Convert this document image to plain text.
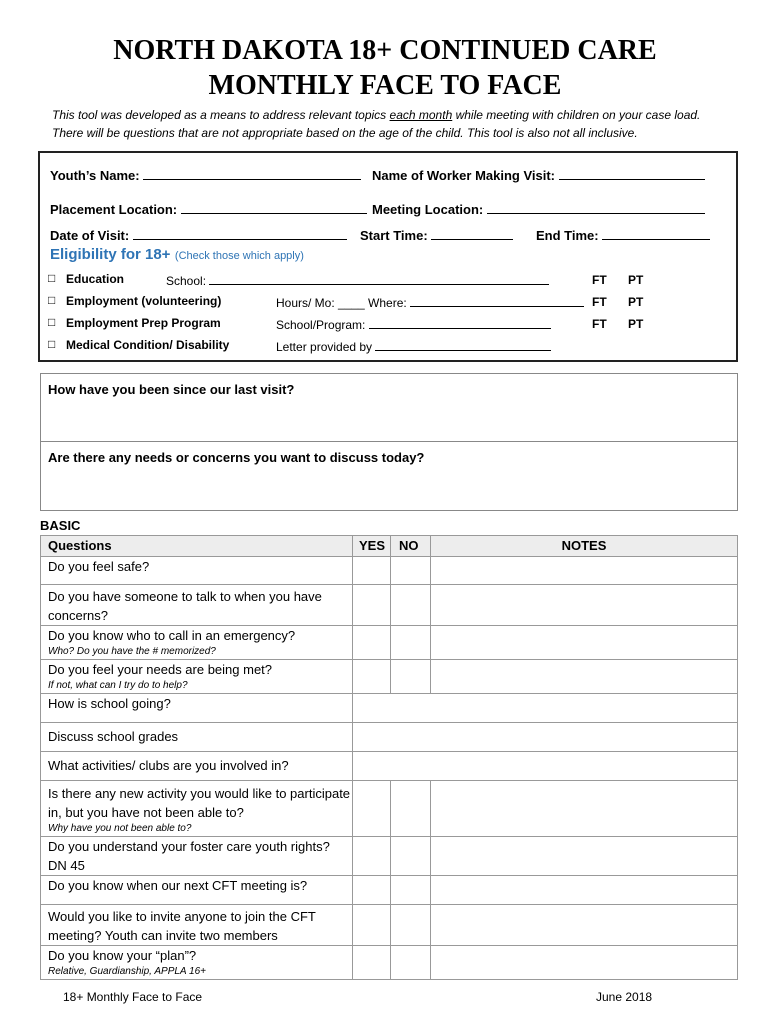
NORTH DAKOTA 18+ CONTINUED CARE
MONTHLY FACE TO FACE
This tool was developed as a means to address relevant topics each month while meeting with children on your case load. There will be questions that are not appropriate based on the age of the child. This tool is also not all inclusive.
Youth’s Name:	Name of Worker Making Visit:
Placement Location:	Meeting Location:
Date of Visit:	Start Time:	End Time:
Eligibility for 18+ (Check those which apply)
□ Education	School:	FT PT
□ Employment (volunteering)	Hours/ Mo: ____ Where:	FT PT
□ Employment Prep Program	School/Program:	FT PT
□ Medical Condition/ Disability	Letter provided by
How have you been since our last visit?
Are there any needs or concerns you want to discuss today?
BASIC
Questions	YES	NO	NOTES
Do you feel safe?			
Do you have someone to talk to when you have concerns?			
Do you know who to call in an emergency?
Who? Do you have the # memorized?			

Do you feel your needs are being met?
If not, what can I try do to help?			

How is school going?			
Discuss school grades			
What activities/ clubs are you involved in?			
Is there any new activity you would like to participate in, but you have not been able to?
Why have you not been able to?			

Do you understand your foster care youth rights? DN 45			
Do you know when our next CFT meeting is?			
Would you like to invite anyone to join the CFT meeting? Youth can invite two members			
Do you know your “plan”?
Relative, Guardianship, APPLA 16+			

18+ Monthly Face to Face	June 2018
